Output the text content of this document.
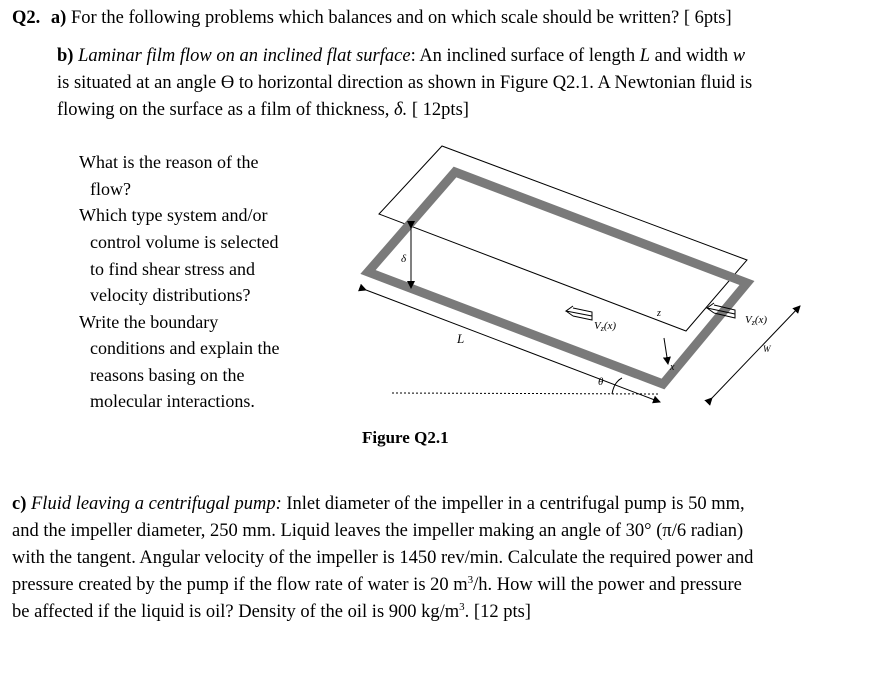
Q2. a) For the following problems which balances and on which scale should be written? [ 6pts]
b) Laminar film flow on an inclined flat surface: An inclined surface of length L and width w
is situated at an angle ϴ to horizontal direction as shown in Figure Q2.1. A Newtonian fluid is
flowing on the surface as a film of thickness, δ. [ 12pts]
What is the reason of the
flow?
Which type system and/or
control volume is selected
to find shear stress and
velocity distributions?
Write the boundary
conditions and explain the
reasons basing on the
molecular interactions.
δ
L
Vz(x)	Vz(x)
z
x
θ
W
Figure Q2.1
c) Fluid leaving a centrifugal pump: Inlet diameter of the impeller in a centrifugal pump is 50 mm,
and the impeller diameter, 250 mm. Liquid leaves the impeller making an angle of 30° (π/6 radian)
with the tangent. Angular velocity of the impeller is 1450 rev/min. Calculate the required power and
pressure created by the pump if the flow rate of water is 20 $m^3/h$. How will the power and pressure
be affected if the liquid is oil? Density of the oil is 900 $kg/m^3$. [12 pts]
